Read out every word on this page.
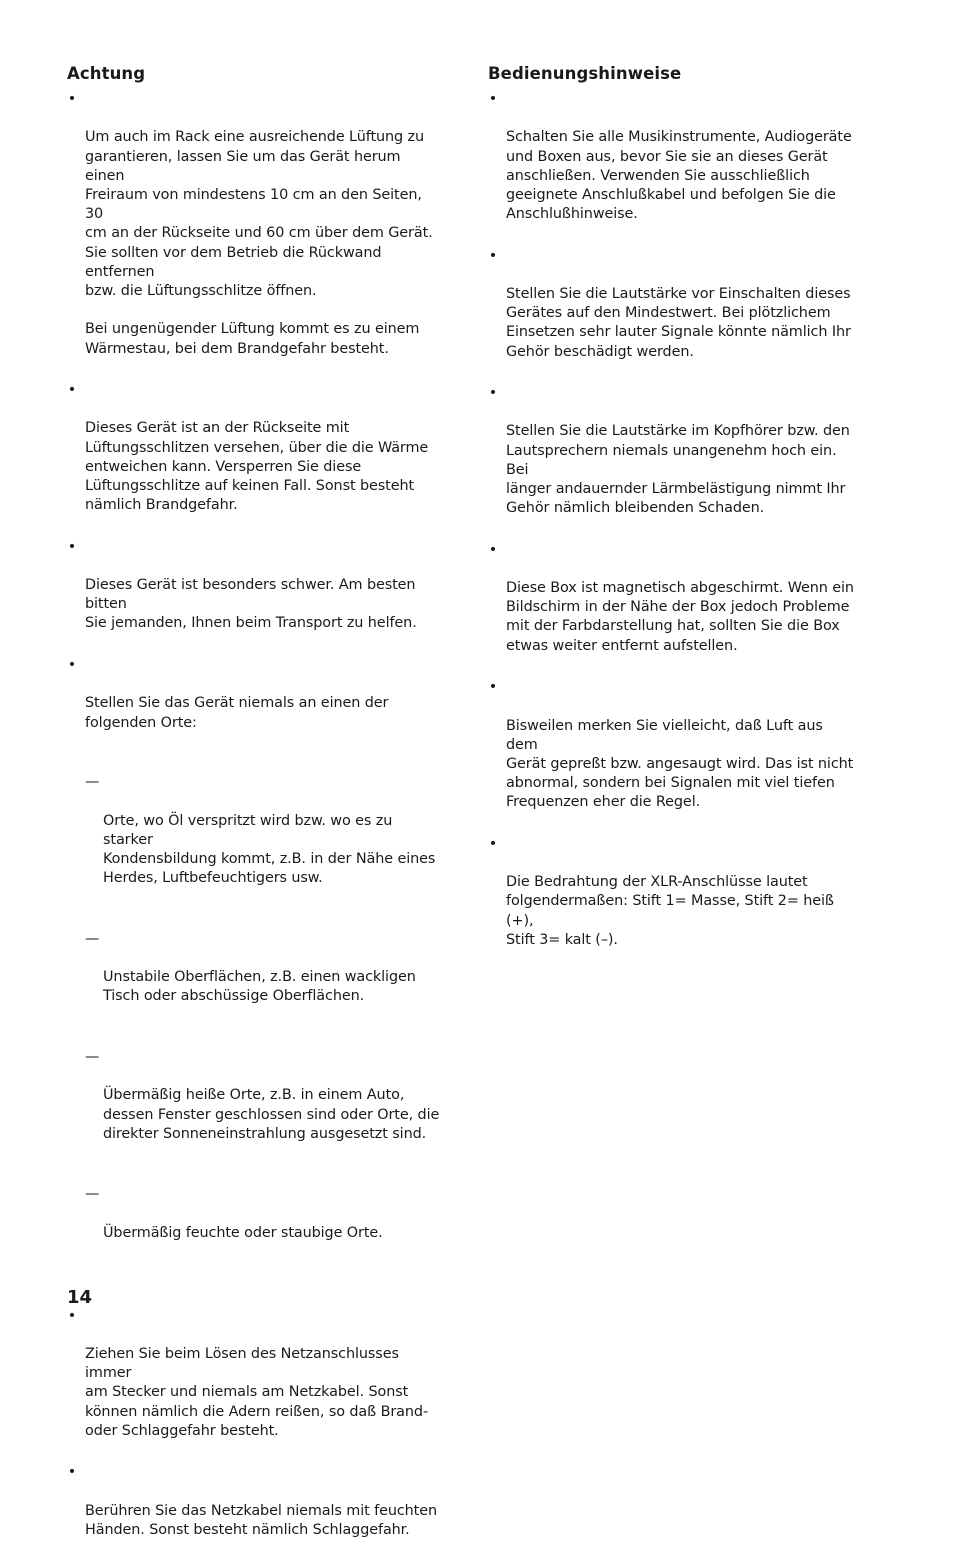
Achtung

•

Um auch im Rack eine ausreichende Lüftung zu
garantieren, lassen Sie um das Gerät herum einen
Freiraum von mindestens 10 cm an den Seiten, 30
cm an der Rückseite und 60 cm über dem Gerät.
Sie sollten vor dem Betrieb die Rückwand entfernen
bzw. die Lüftungsschlitze öffnen.

Bei ungenügender Lüftung kommt es zu einem
Wärmestau, bei dem Brandgefahr besteht.

•

Dieses Gerät ist an der Rückseite mit
Lüftungsschlitzen versehen, über die die Wärme
entweichen kann. Versperren Sie diese
Lüftungsschlitze auf keinen Fall. Sonst besteht
nämlich Brandgefahr.

•

Dieses Gerät ist besonders schwer. Am besten bitten
Sie jemanden, Ihnen beim Transport zu helfen.

•

Stellen Sie das Gerät niemals an einen der
folgenden Orte:

—

Orte, wo Öl verspritzt wird bzw. wo es zu starker
Kondensbildung kommt, z.B. in der Nähe eines
Herdes, Luftbefeuchtigers usw.

—

Unstabile Oberflächen, z.B. einen wackligen
Tisch oder abschüssige Oberflächen.

—

Übermäßig heiße Orte, z.B. in einem Auto,
dessen Fenster geschlossen sind oder Orte, die
direkter Sonneneinstrahlung ausgesetzt sind.

—

Übermäßig feuchte oder staubige Orte.

•

Ziehen Sie beim Lösen des Netzanschlusses immer
am Stecker und niemals am Netzkabel. Sonst
können nämlich die Adern reißen, so daß Brand-
oder Schlaggefahr besteht.

•

Berühren Sie das Netzkabel niemals mit feuchten
Händen. Sonst besteht nämlich Schlaggefahr.

Bedienungshinweise

•

Schalten Sie alle Musikinstrumente, Audiogeräte
und Boxen aus, bevor Sie sie an dieses Gerät
anschließen. Verwenden Sie ausschließlich
geeignete Anschlußkabel und befolgen Sie die
Anschlußhinweise.

•

Stellen Sie die Lautstärke vor Einschalten dieses
Gerätes auf den Mindestwert. Bei plötzlichem
Einsetzen sehr lauter Signale könnte nämlich Ihr
Gehör beschädigt werden.

•

Stellen Sie die Lautstärke im Kopfhörer bzw. den
Lautsprechern niemals unangenehm hoch ein. Bei
länger andauernder Lärmbelästigung nimmt Ihr
Gehör nämlich bleibenden Schaden.

•

Diese Box ist magnetisch abgeschirmt. Wenn ein
Bildschirm in der Nähe der Box jedoch Probleme
mit der Farbdarstellung hat, sollten Sie die Box
etwas weiter entfernt aufstellen.

•

Bisweilen merken Sie vielleicht, daß Luft aus dem
Gerät gepreßt bzw. angesaugt wird. Das ist nicht
abnormal, sondern bei Signalen mit viel tiefen
Frequenzen eher die Regel.

•

Die Bedrahtung der XLR-Anschlüsse lautet
folgendermaßen: Stift 1= Masse, Stift 2= heiß (+),
Stift 3= kalt (–).

14
